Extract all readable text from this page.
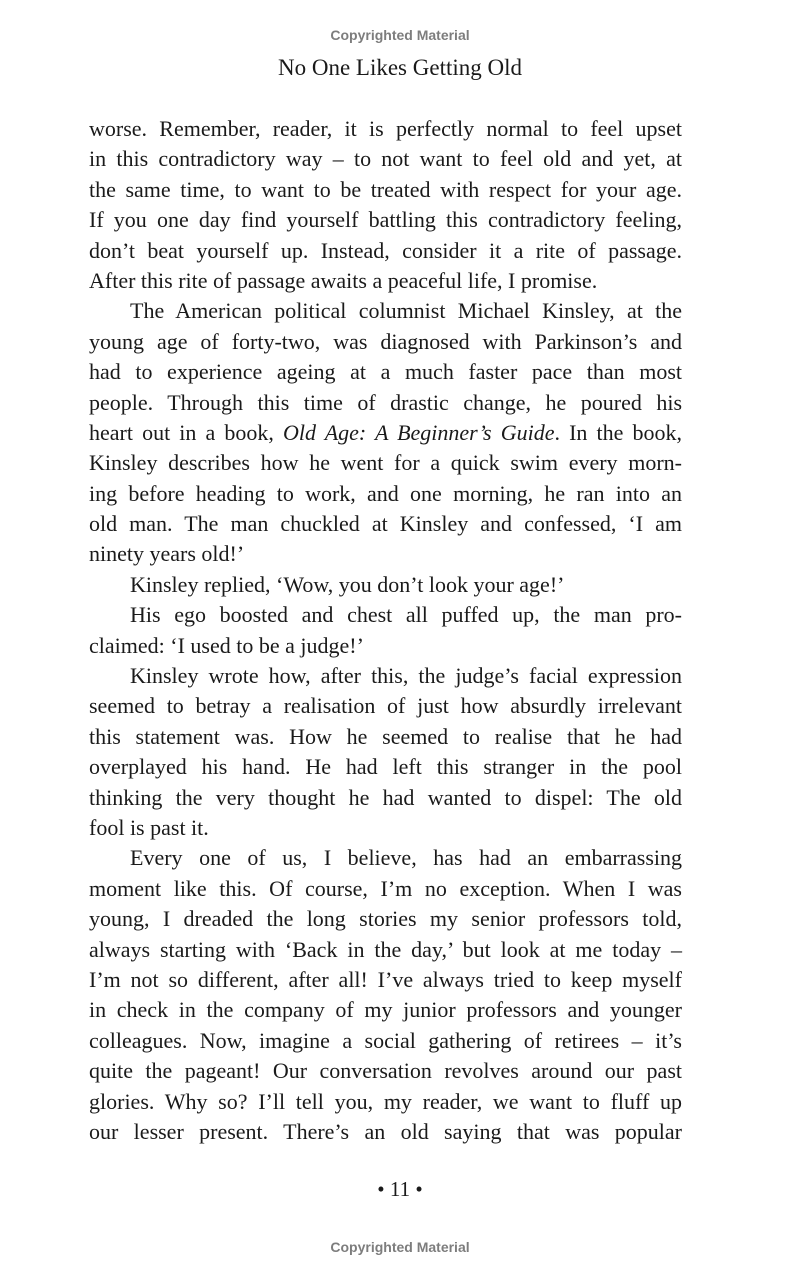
Copyrighted Material
No One Likes Getting Old
worse. Remember, reader, it is perfectly normal to feel upset
in this contradictory way – to not want to feel old and yet, at
the same time, to want to be treated with respect for your age.
If you one day find yourself battling this contradictory feeling,
don’t beat yourself up. Instead, consider it a rite of passage.
After this rite of passage awaits a peaceful life, I promise.
The American political columnist Michael Kinsley, at the
young age of forty-two, was diagnosed with Parkinson’s and
had to experience ageing at a much faster pace than most
people. Through this time of drastic change, he poured his
heart out in a book, Old Age: A Beginner’s Guide. In the book,
Kinsley describes how he went for a quick swim every morn-
ing before heading to work, and one morning, he ran into an
old man. The man chuckled at Kinsley and confessed, ‘I am
ninety years old!’
Kinsley replied, ‘Wow, you don’t look your age!’
His ego boosted and chest all puffed up, the man pro-
claimed: ‘I used to be a judge!’
Kinsley wrote how, after this, the judge’s facial expression
seemed to betray a realisation of just how absurdly irrelevant
this statement was. How he seemed to realise that he had
overplayed his hand. He had left this stranger in the pool
thinking the very thought he had wanted to dispel: The old
fool is past it.
Every one of us, I believe, has had an embarrassing
moment like this. Of course, I’m no exception. When I was
young, I dreaded the long stories my senior professors told,
always starting with ‘Back in the day,’ but look at me today –
I’m not so different, after all! I’ve always tried to keep myself
in check in the company of my junior professors and younger
colleagues. Now, imagine a social gathering of retirees – it’s
quite the pageant! Our conversation revolves around our past
glories. Why so? I’ll tell you, my reader, we want to fluff up
our lesser present. There’s an old saying that was popular
• 11 •
Copyrighted Material
